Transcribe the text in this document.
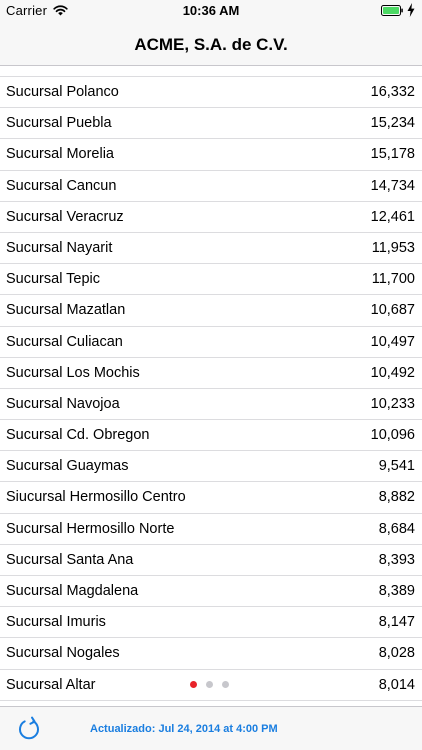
Carrier	10:36 AM
ACME, S.A. de C.V.
Sucursal Polanco	16,332
Sucursal Puebla	15,234
Sucursal Morelia	15,178
Sucursal Cancun	14,734
Sucursal Veracruz	12,461
Sucursal Nayarit	11,953
Sucursal Tepic	11,700
Sucursal Mazatlan	10,687
Sucursal Culiacan	10,497
Sucursal Los Mochis	10,492
Sucursal Navojoa	10,233
Sucursal Cd. Obregon	10,096
Sucursal Guaymas	9,541
Siucursal Hermosillo Centro	8,882
Sucursal Hermosillo Norte	8,684
Sucursal Santa Ana	8,393
Sucursal Magdalena	8,389
Sucursal Imuris	8,147
Sucursal Nogales	8,028
Sucursal Altar	8,014
Actualizado: Jul 24, 2014 at 4:00 PM
